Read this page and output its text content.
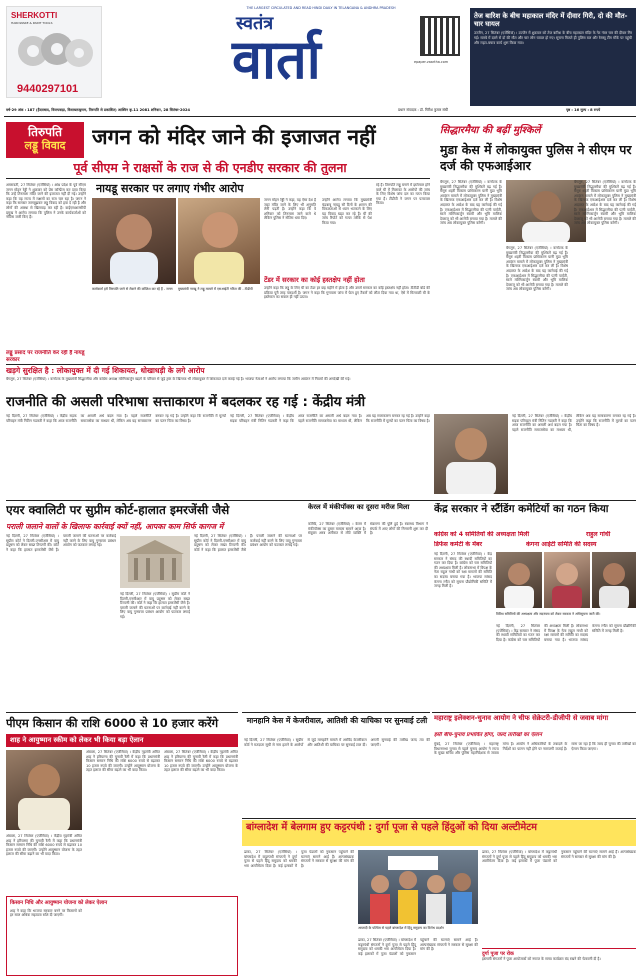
SHERKOTTI
HARDWARE & PAINT TOOLS
9440297101
THE LARGEST CIRCULATED AND READ HINDI DAILY IN TELANGANA & ANDHRA PRADESH
स्वतंत्र
वार्ता	epaper.vaartha.com
तेज बारिश के बीच महाकाल मंदिर में दीवार गिरी, दो की मौत-चार घायल
उज्जैन, 27 सितंबर (एजेंसियां) । उज्जैन में शुक्रवार को तेज बारिश के बीच महाकाल मंदिर के गेट नंबर चार की दीवार गिर गई। मलबे में दबने से दो की मौत और चार लोग घायल हो गए। सूचना मिलते ही पुलिस बल और रेस्क्यू टीम मौके पर पहुंची और राहत-बचाव कार्य शुरू किया गया।
वर्ष-29 अंक : 187 (हैदराबाद, विजयवाड़ा, विशाखापट्टणम, तिरुपति से प्रकाशित) आश्विन कृ.11 2081 शनिवार, 28 सितंबर-2024	प्रधान संपादक : डॉ. गिरीश कुमार संघी	पृष्ठ : 16 मूल्य : 8 रुपये
तिरुपति
लड्डू विवाद	जगन को मंदिर जाने की इजाजत नहीं
पूर्व सीएम ने राक्षसों के राज से की एनडीए सरकार की तुलना
अमरावती, 27 सितंबर (एजेंसियां) । आंध्र प्रदेश के पूर्व सीएम जगन मोहन रेड्डी ने शुक्रवार को प्रेस कॉन्फ्रेंस कर दावा किया कि उन्हें तिरुमला मंदिर जाने की इजाजत नहीं दी गई। उन्होंने कहा कि यह राज्य में राक्षसों का राज चल रहा है। जगन ने कहा कि सरकार जानबूझकर लड्डू विवाद को हवा दे रही है और लोगों की आस्था से खिलवाड़ कर रही है। वाईएसआरसीपी प्रमुख ने आरोप लगाया कि पुलिस ने उनके कार्यकर्ताओं को नोटिस जारी किए हैं।
लड्डू प्रसाद पर राजनीति कर रही है नायडू सरकार
नायडू सरकार पर लगाए गंभीर आरोप
कार्यकर्ता हमें तिरुपति जाने से रोकने की कोशिश कर रहे हैं - जगन	मुख्यमंत्री नायडू ने लड्डू मामले में एसआईटी गठित की - टीडीपी
जगन मोहन रेड्डी ने कहा, यह ऐसा देश है जहां मंदिर जाने के लिए भी अनुमति लेनी पड़ती है। उन्होंने कहा कि वे शनिवार को तिरुमला जाने वाले थे लेकिन पुलिस ने नोटिस थमा दिए।
उन्होंने आरोप लगाया कि मुख्यमंत्री चंद्रबाबू नायडू सौ दिनों के शासन की विफलताओं से ध्यान भटकाने के लिए यह विवाद खड़ा कर रहे हैं। घी की जांच रिपोर्ट को गलत तरीके से पेश किया गया।
रहे हैं। तिरुपति लड्डू बनाने में इस्तेमाल होने वाले घी में मिलावट के आरोपों की जांच के लिए विशेष जांच दल का गठन किया गया है। टीडीपी ने जगन पर पलटवार किया।
टेंडर में सरकार का कोई हस्तक्षेप नहीं होता
उन्होंने कहा कि लड्डू के लिए घी का टेंडर हर छह महीने में होता है और उसमें सरकार का कोई हस्तक्षेप नहीं होता। टीटीडी बोर्ड की प्रक्रिया पूरी तरह पारदर्शी है। जगन ने कहा कि गुणवत्ता जांच में फेल हुए टैंकरों को लौटा दिया गया था, ऐसे में मिलावटी घी के इस्तेमाल का सवाल ही नहीं उठता।
सिद्धारमैया की बढ़ीं मुश्किलें
मुडा केस में लोकायुक्त पुलिस ने सीएम पर दर्ज की एफआईआर
बेंगलूरु, 27 सितंबर (एजेंसियां) । कर्नाटक के मुख्यमंत्री सिद्धारमैया की मुश्किलें बढ़ गई हैं। मैसूरु शहरी विकास प्राधिकरण यानी मुडा भूमि आवंटन मामले में लोकायुक्त पुलिस ने मुख्यमंत्री के खिलाफ एफआईआर दर्ज कर ली है। विशेष अदालत के आदेश के बाद यह कार्रवाई की गई है। एफआईआर में सिद्धारमैया की पत्नी पार्वती, साले मल्लिकार्जुन स्वामी और भूमि मालिक देवराजू को भी आरोपी बनाया गया है। मामले की जांच अब लोकायुक्त पुलिस करेगी।
बेंगलूरु, 27 सितंबर (एजेंसियां) । कर्नाटक के मुख्यमंत्री सिद्धारमैया की मुश्किलें बढ़ गई हैं। मैसूरु शहरी विकास प्राधिकरण यानी मुडा भूमि आवंटन मामले में लोकायुक्त पुलिस ने मुख्यमंत्री के खिलाफ एफआईआर दर्ज कर ली है। विशेष अदालत के आदेश के बाद यह कार्रवाई की गई है। एफआईआर में सिद्धारमैया की पत्नी पार्वती, साले मल्लिकार्जुन स्वामी और भूमि मालिक देवराजू को भी आरोपी बनाया गया है। मामले की जांच अब लोकायुक्त पुलिस करेगी।
बेंगलूरु, 27 सितंबर (एजेंसियां) । कर्नाटक के मुख्यमंत्री सिद्धारमैया की मुश्किलें बढ़ गई हैं। मैसूरु शहरी विकास प्राधिकरण यानी मुडा भूमि आवंटन मामले में लोकायुक्त पुलिस ने मुख्यमंत्री के खिलाफ एफआईआर दर्ज कर ली है। विशेष अदालत के आदेश के बाद यह कार्रवाई की गई है। एफआईआर में सिद्धारमैया की पत्नी पार्वती, साले मल्लिकार्जुन स्वामी और भूमि मालिक देवराजू को भी आरोपी बनाया गया है। मामले की जांच अब लोकायुक्त पुलिस करेगी।
खड़गे सुरक्षित है : लोकायुक्त में दी गई शिकायत, धोखाधड़ी के लगे आरोप
बेंगलूरु, 27 सितंबर (एजेंसियां) । कर्नाटक के मुख्यमंत्री सिद्धारमैया और कांग्रेस अध्यक्ष मल्लिकार्जुन खड़गे के परिवार से जुड़े ट्रस्ट के खिलाफ भी लोकायुक्त में शिकायत दर्ज कराई गई है। भाजपा नेताओं ने आरोप लगाया कि जमीन आवंटन में नियमों की अनदेखी की गई।
राजनीति की असली परिभाषा सत्ताकारण में बदलकर रह गई : केंद्रीय मंत्री
नई दिल्ली, 27 सितंबर (एजेंसियां) । केंद्रीय सड़क परिवहन मंत्री नितिन गडकरी ने कहा कि आज राजनीति का असली अर्थ बदल गया है। पहले राजनीति समाजसेवा का माध्यम थी, लेकिन अब यह सत्ताकारण बनकर रह गई है। उन्होंने कहा कि राजनीति में मूल्यों का पतन चिंता का विषय है।
नई दिल्ली, 27 सितंबर (एजेंसियां) । केंद्रीय सड़क परिवहन मंत्री नितिन गडकरी ने कहा कि आज राजनीति का असली अर्थ बदल गया है। पहले राजनीति समाजसेवा का माध्यम थी, लेकिन अब यह सत्ताकारण बनकर रह गई है। उन्होंने कहा कि राजनीति में मूल्यों का पतन चिंता का विषय है।
नई दिल्ली, 27 सितंबर (एजेंसियां) । केंद्रीय सड़क परिवहन मंत्री नितिन गडकरी ने कहा कि आज राजनीति का असली अर्थ बदल गया है। पहले राजनीति समाजसेवा का माध्यम थी, लेकिन अब यह सत्ताकारण बनकर रह गई है। उन्होंने कहा कि राजनीति में मूल्यों का पतन चिंता का विषय है।
एयर क्वालिटी पर सुप्रीम कोर्ट-हालात इमरजेंसी जैसे
पराली जलाने वालों के खिलाफ कार्रवाई क्यों नहीं, आपका काम सिर्फ कागज में
नई दिल्ली, 27 सितंबर (एजेंसियां) । सुप्रीम कोर्ट ने दिल्ली-एनसीआर में वायु प्रदूषण को लेकर सख्त टिप्पणी की। कोर्ट ने कहा कि हालात इमरजेंसी जैसे हैं। पराली जलाने की घटनाओं पर कार्रवाई नहीं करने के लिए वायु गुणवत्ता प्रबंधन आयोग को फटकार लगाई गई।
नई दिल्ली, 27 सितंबर (एजेंसियां) । सुप्रीम कोर्ट ने दिल्ली-एनसीआर में वायु प्रदूषण को लेकर सख्त टिप्पणी की। कोर्ट ने कहा कि हालात इमरजेंसी जैसे हैं। पराली जलाने की घटनाओं पर कार्रवाई नहीं करने के लिए वायु गुणवत्ता प्रबंधन आयोग को फटकार लगाई गई।
नई दिल्ली, 27 सितंबर (एजेंसियां) । सुप्रीम कोर्ट ने दिल्ली-एनसीआर में वायु प्रदूषण को लेकर सख्त टिप्पणी की। कोर्ट ने कहा कि हालात इमरजेंसी जैसे हैं। पराली जलाने की घटनाओं पर कार्रवाई नहीं करने के लिए वायु गुणवत्ता प्रबंधन आयोग को फटकार लगाई गई।
केरल में मंकीपॉक्स का दूसरा मरीज मिला
कोच्चि, 27 सितंबर (एजेंसियां) । केरल में मंकीपॉक्स का दूसरा मामला सामने आया है। संयुक्त अरब अमीरात से लौटे व्यक्ति में संक्रमण की पुष्टि हुई है। स्वास्थ्य विभाग ने संपर्क में आए लोगों की निगरानी शुरू कर दी है।
केंद्र सरकार ने स्टैंडिंग कमेटियों का गठन किया
कांग्रेस को 4 समितियों की अध्यक्षता मिली	राहुल गांधी
डिफेंस कमेटी के मेंबर	कंगना आईटी समिति की सदस्य
नई दिल्ली, 27 सितंबर (एजेंसियां) । केंद्र सरकार ने संसद की स्थायी समितियों का गठन कर दिया है। कांग्रेस को चार समितियों की अध्यक्षता मिली है। लोकसभा में विपक्ष के नेता राहुल गांधी को रक्षा मामलों की समिति का सदस्य बनाया गया है। भाजपा सांसद कंगना रनौत को सूचना प्रौद्योगिकी समिति में जगह मिली है।
विविध समितियों की अध्यक्षता और सदस्यता को लेकर सरकार ने अधिसूचना जारी की।
नई दिल्ली, 27 सितंबर (एजेंसियां) । केंद्र सरकार ने संसद की स्थायी समितियों का गठन कर दिया है। कांग्रेस को चार समितियों की अध्यक्षता मिली है। लोकसभा में विपक्ष के नेता राहुल गांधी को रक्षा मामलों की समिति का सदस्य बनाया गया है। भाजपा सांसद कंगना रनौत को सूचना प्रौद्योगिकी समिति में जगह मिली है।
महाराष्ट्र इलेक्शन-चुनाव आयोग ने चीफ सेक्रेटरी-डीजीपी से जवाब मांगा
इसी बीच-चुनाव प्रभावित होगा, जल्द तारीखों का ऐलान
मुंबई, 27 सितंबर (एजेंसियां) । महाराष्ट्र विधानसभा चुनाव से पहले चुनाव आयोग ने राज्य के मुख्य सचिव और पुलिस महानिदेशक से जवाब मांगा है। आयोग ने अधिकारियों के तबादले के निर्देशों का पालन नहीं होने पर नाराजगी जताई है। माना जा रहा है कि जल्द ही चुनाव की तारीखों का ऐलान किया जाएगा।
पीएम किसान की राशि 6000 से 10 हजार करेंगे
शाह ने आयुष्मान स्कीम को लेकर भी किया बड़ा ऐलान
अंबाला, 27 सितंबर (एजेंसियां) । केंद्रीय गृहमंत्री अमित शाह ने हरियाणा की चुनावी रैली में कहा कि प्रधानमंत्री किसान सम्मान निधि की राशि 6000 रुपये से बढ़ाकर 10 हजार रुपये की जाएगी। उन्होंने आयुष्मान योजना के तहत इलाज की सीमा बढ़ाने का भी वादा किया।
अंबाला, 27 सितंबर (एजेंसियां) । केंद्रीय गृहमंत्री अमित शाह ने हरियाणा की चुनावी रैली में कहा कि प्रधानमंत्री किसान सम्मान निधि की राशि 6000 रुपये से बढ़ाकर 10 हजार रुपये की जाएगी। उन्होंने आयुष्मान योजना के तहत इलाज की सीमा बढ़ाने का भी वादा किया।
अंबाला, 27 सितंबर (एजेंसियां) । केंद्रीय गृहमंत्री अमित शाह ने हरियाणा की चुनावी रैली में कहा कि प्रधानमंत्री किसान सम्मान निधि की राशि 6000 रुपये से बढ़ाकर 10 हजार रुपये की जाएगी। उन्होंने आयुष्मान योजना के तहत इलाज की सीमा बढ़ाने का भी वादा किया।
किसान निधि और आयुष्मान योजना को लेकर ऐलान
शाह ने कहा कि भाजपा सरकार बनने पर किसानों को हर साल अधिक सहायता राशि दी जाएगी।
मानहानि केस में केजरीवाल, आतिशी की याचिका पर सुनवाई टली
नई दिल्ली, 27 सितंबर (एजेंसियां) । सुप्रीम कोर्ट ने मतदाता सूची से नाम हटाने के आरोपों से जुड़े मानहानि मामले में अरविंद केजरीवाल और आतिशी की याचिका पर सुनवाई टाल दी। अगली सुनवाई की तारीख जल्द तय की जाएगी।
बांग्लादेश में बेलगाम हुए कट्टरपंथी : दुर्गा पूजा से पहले हिंदुओं को दिया अल्टीमेटम
ढाका, 27 सितंबर (एजेंसियां) । बांग्लादेश में कट्टरपंथी संगठनों ने दुर्गा पूजा से पहले हिंदू समुदाय को धमकी भरा अल्टीमेटम दिया है। कई इलाकों में पूजा पंडालों को नुकसान पहुंचाने की घटनाएं सामने आई हैं। अल्पसंख्यक संगठनों ने सरकार से सुरक्षा की मांग की है।
आजादी के पश्चिम से पहले बांग्लादेश में हिंदू समुदाय का विरोध प्रदर्शन
ढाका, 27 सितंबर (एजेंसियां) । बांग्लादेश में कट्टरपंथी संगठनों ने दुर्गा पूजा से पहले हिंदू समुदाय को धमकी भरा अल्टीमेटम दिया है। कई इलाकों में पूजा पंडालों को नुकसान पहुंचाने की घटनाएं सामने आई हैं। अल्पसंख्यक संगठनों ने सरकार से सुरक्षा की मांग की है।
ढाका, 27 सितंबर (एजेंसियां) । बांग्लादेश में कट्टरपंथी संगठनों ने दुर्गा पूजा से पहले हिंदू समुदाय को धमकी भरा अल्टीमेटम दिया है। कई इलाकों में पूजा पंडालों को नुकसान पहुंचाने की घटनाएं सामने आई हैं। अल्पसंख्यक संगठनों ने सरकार से सुरक्षा की मांग की है।
दुर्गा पूजा पर रोक
इस्लामी संगठनों ने पूजा आयोजकों को नमाज के समय कार्यक्रम बंद रखने की चेतावनी दी है।
